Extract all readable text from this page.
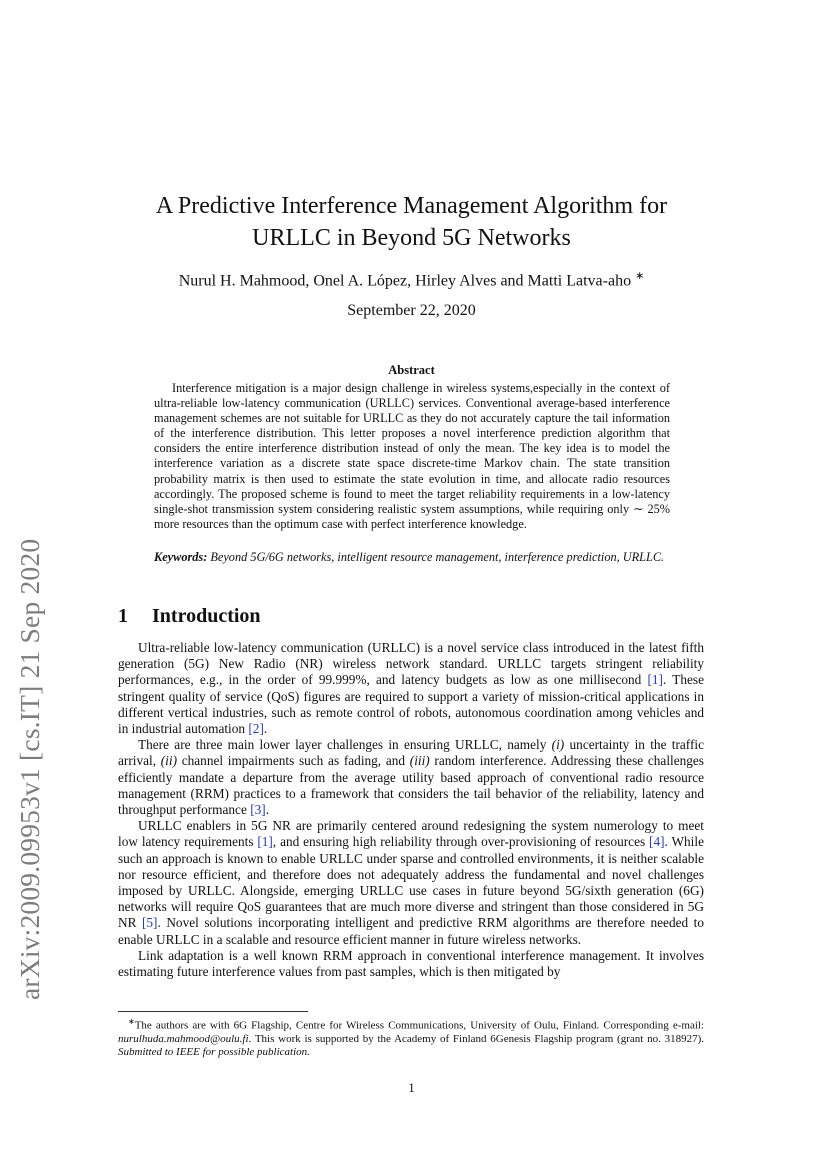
arXiv:2009.09953v1 [cs.IT] 21 Sep 2020
A Predictive Interference Management Algorithm for URLLC in Beyond 5G Networks
Nurul H. Mahmood, Onel A. López, Hirley Alves and Matti Latva-aho ∗
September 22, 2020
Abstract

Interference mitigation is a major design challenge in wireless systems,especially in the context of ultra-reliable low-latency communication (URLLC) services. Conventional average-based interference management schemes are not suitable for URLLC as they do not accurately capture the tail information of the interference distribution. This letter proposes a novel interference prediction algorithm that considers the entire interference distribution instead of only the mean. The key idea is to model the interference variation as a discrete state space discrete-time Markov chain. The state transition probability matrix is then used to estimate the state evolution in time, and allocate radio resources accordingly. The proposed scheme is found to meet the target reliability requirements in a low-latency single-shot transmission system considering realistic system assumptions, while requiring only ∼ 25% more resources than the optimum case with perfect interference knowledge.

Keywords: Beyond 5G/6G networks, intelligent resource management, interference prediction, URLLC.

1 Introduction

Ultra-reliable low-latency communication (URLLC) is a novel service class introduced in the latest fifth generation (5G) New Radio (NR) wireless network standard. URLLC targets stringent reliability performances, e.g., in the order of 99.999%, and latency budgets as low as one millisecond [1]. These stringent quality of service (QoS) figures are required to support a variety of mission-critical applications in different vertical industries, such as remote control of robots, autonomous coordination among vehicles and in industrial automation [2].

There are three main lower layer challenges in ensuring URLLC, namely (i) uncertainty in the traffic arrival, (ii) channel impairments such as fading, and (iii) random interference. Addressing these challenges efficiently mandate a departure from the average utility based approach of conventional radio resource management (RRM) practices to a framework that considers the tail behavior of the reliability, latency and throughput performance [3].

URLLC enablers in 5G NR are primarily centered around redesigning the system numerology to meet low latency requirements [1], and ensuring high reliability through over-provisioning of resources [4]. While such an approach is known to enable URLLC under sparse and controlled environments, it is neither scalable nor resource efficient, and therefore does not adequately address the fundamental and novel challenges imposed by URLLC. Alongside, emerging URLLC use cases in future beyond 5G/sixth generation (6G) networks will require QoS guarantees that are much more diverse and stringent than those considered in 5G NR [5]. Novel solutions incorporating intelligent and predictive RRM algorithms are therefore needed to enable URLLC in a scalable and resource efficient manner in future wireless networks.

Link adaptation is a well known RRM approach in conventional interference management. It involves estimating future interference values from past samples, which is then mitigated by

∗The authors are with 6G Flagship, Centre for Wireless Communications, University of Oulu, Finland. Corresponding e-mail: nurulhuda.mahmood@oulu.fi. This work is supported by the Academy of Finland 6Genesis Flagship program (grant no. 318927). Submitted to IEEE for possible publication.

1
